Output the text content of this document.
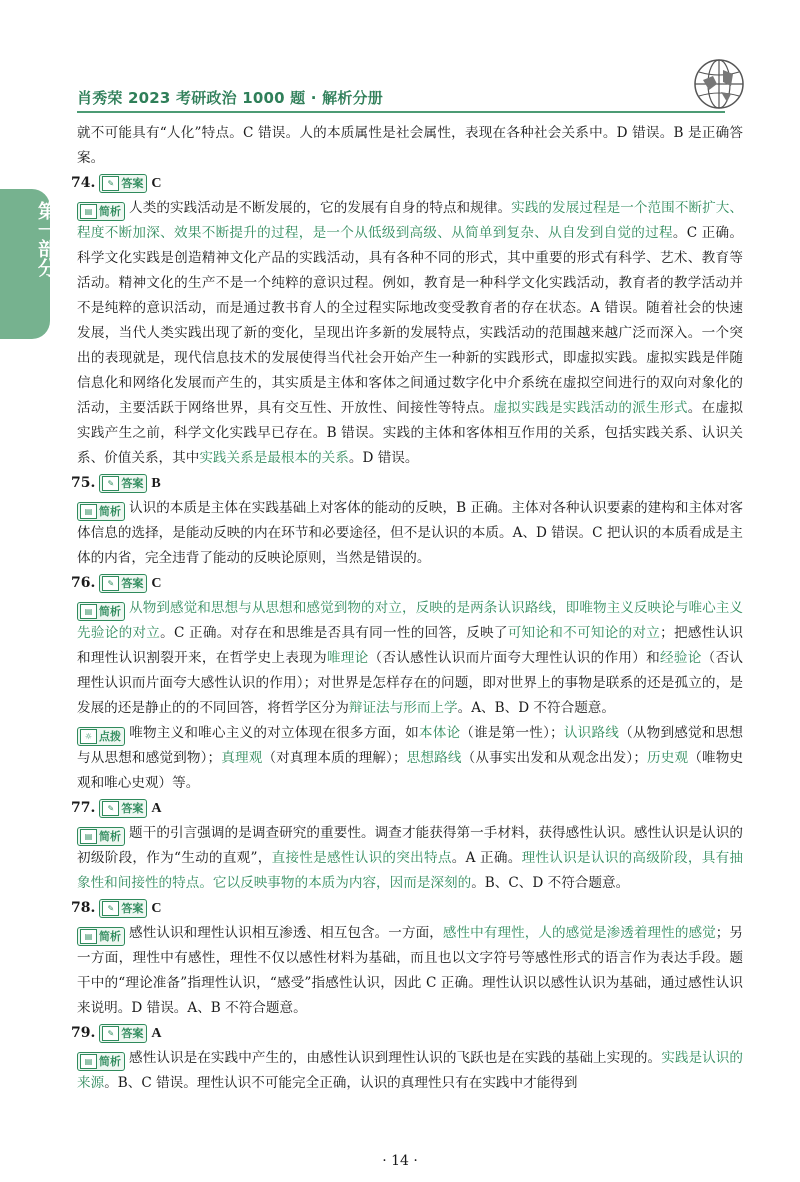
肖秀荣 2023 考研政治 1000 题 · 解析分册
第一部分

就不可能具有“人化”特点。C 错误。人的本质属性是社会属性，表现在各种社会关系中。D 错误。B 是正确答案。

74.	✎ 答案 C

▤ 简析 人类的实践活动是不断发展的，它的发展有自身的特点和规律。实践的发展过程是一个范围不断扩大、程度不断加深、效果不断提升的过程，是一个从低级到高级、从简单到复杂、从自发到自觉的过程。C 正确。科学文化实践是创造精神文化产品的实践活动，具有各种不同的形式，其中重要的形式有科学、艺术、教育等活动。精神文化的生产不是一个纯粹的意识过程。例如，教育是一种科学文化实践活动，教育者的教学活动并不是纯粹的意识活动，而是通过教书育人的全过程实际地改变受教育者的存在状态。A 错误。随着社会的快速发展，当代人类实践出现了新的变化，呈现出许多新的发展特点，实践活动的范围越来越广泛而深入。一个突出的表现就是，现代信息技术的发展使得当代社会开始产生一种新的实践形式，即虚拟实践。虚拟实践是伴随信息化和网络化发展而产生的，其实质是主体和客体之间通过数字化中介系统在虚拟空间进行的双向对象化的活动，主要活跃于网络世界，具有交互性、开放性、间接性等特点。虚拟实践是实践活动的派生形式。在虚拟实践产生之前，科学文化实践早已存在。B 错误。实践的主体和客体相互作用的关系，包括实践关系、认识关系、价值关系，其中实践关系是最根本的关系。D 错误。

75.	✎ 答案 B

▤ 简析 认识的本质是主体在实践基础上对客体的能动的反映，B 正确。主体对各种认识要素的建构和主体对客体信息的选择，是能动反映的内在环节和必要途径，但不是认识的本质。A、D 错误。C 把认识的本质看成是主体的内省，完全违背了能动的反映论原则，当然是错误的。

76.	✎ 答案 C

▤ 简析 从物到感觉和思想与从思想和感觉到物的对立，反映的是两条认识路线，即唯物主义反映论与唯心主义先验论的对立。C 正确。对存在和思维是否具有同一性的回答，反映了可知论和不可知论的对立；把感性认识和理性认识割裂开来，在哲学史上表现为唯理论（否认感性认识而片面夸大理性认识的作用）和经验论（否认理性认识而片面夸大感性认识的作用）；对世界是怎样存在的问题，即对世界上的事物是联系的还是孤立的，是发展的还是静止的的不同回答，将哲学区分为辩证法与形而上学。A、B、D 不符合题意。

☼ 点拨 唯物主义和唯心主义的对立体现在很多方面，如本体论（谁是第一性）；认识路线（从物到感觉和思想与从思想和感觉到物）；真理观（对真理本质的理解）；思想路线（从事实出发和从观念出发）；历史观（唯物史观和唯心史观）等。

77.	✎ 答案 A

▤ 简析 题干的引言强调的是调查研究的重要性。调查才能获得第一手材料，获得感性认识。感性认识是认识的初级阶段，作为“生动的直观”，直接性是感性认识的突出特点。A 正确。理性认识是认识的高级阶段，具有抽象性和间接性的特点。它以反映事物的本质为内容，因而是深刻的。B、C、D 不符合题意。

78.	✎ 答案 C

▤ 简析 感性认识和理性认识相互渗透、相互包含。一方面，感性中有理性，人的感觉是渗透着理性的感觉；另一方面，理性中有感性，理性不仅以感性材料为基础，而且也以文字符号等感性形式的语言作为表达手段。题干中的“理论准备”指理性认识，“感受”指感性认识，因此 C 正确。理性认识以感性认识为基础，通过感性认识来说明。D 错误。A、B 不符合题意。

79.	✎ 答案 A

▤ 简析 感性认识是在实践中产生的，由感性认识到理性认识的飞跃也是在实践的基础上实现的。实践是认识的来源。B、C 错误。理性认识不可能完全正确，认识的真理性只有在实践中才能得到

· 14 ·
